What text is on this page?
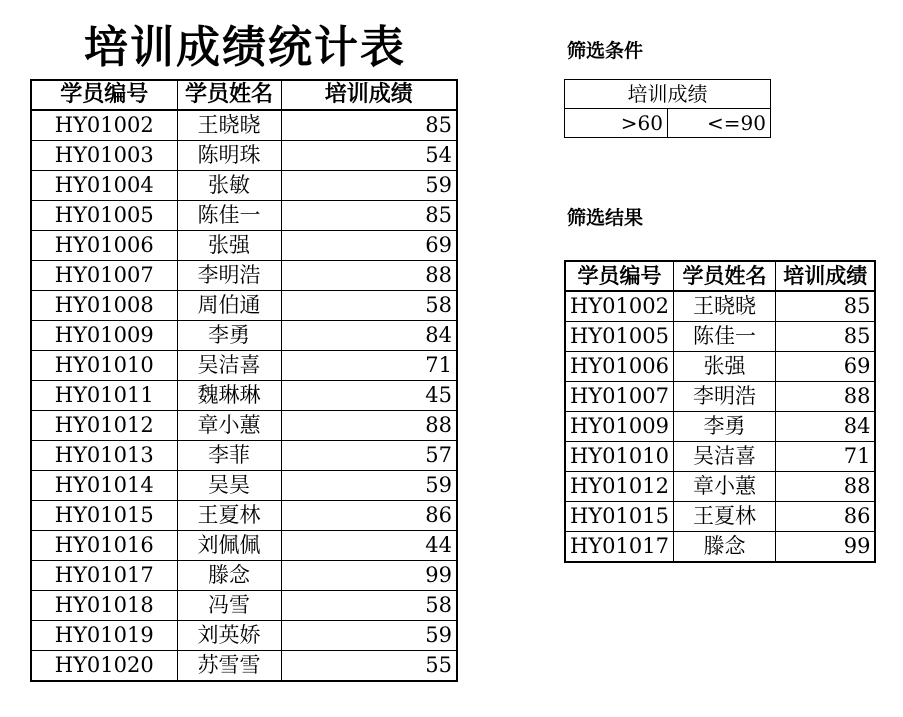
培训成绩统计表
学员编号	学员姓名	培训成绩
HY01002	王晓晓	85
HY01003	陈明珠	54
HY01004	张敏	59
HY01005	陈佳一	85
HY01006	张强	69
HY01007	李明浩	88
HY01008	周伯通	58
HY01009	李勇	84
HY01010	吴洁喜	71
HY01011	魏琳琳	45
HY01012	章小蕙	88
HY01013	李菲	57
HY01014	吴昊	59
HY01015	王夏林	86
HY01016	刘佩佩	44
HY01017	滕念	99
HY01018	冯雪	58
HY01019	刘英娇	59
HY01020	苏雪雪	55
筛选条件
培训成绩
>60	<=90
筛选结果
学员编号	学员姓名	培训成绩
HY01002	王晓晓	85
HY01005	陈佳一	85
HY01006	张强	69
HY01007	李明浩	88
HY01009	李勇	84
HY01010	吴洁喜	71
HY01012	章小蕙	88
HY01015	王夏林	86
HY01017	滕念	99
